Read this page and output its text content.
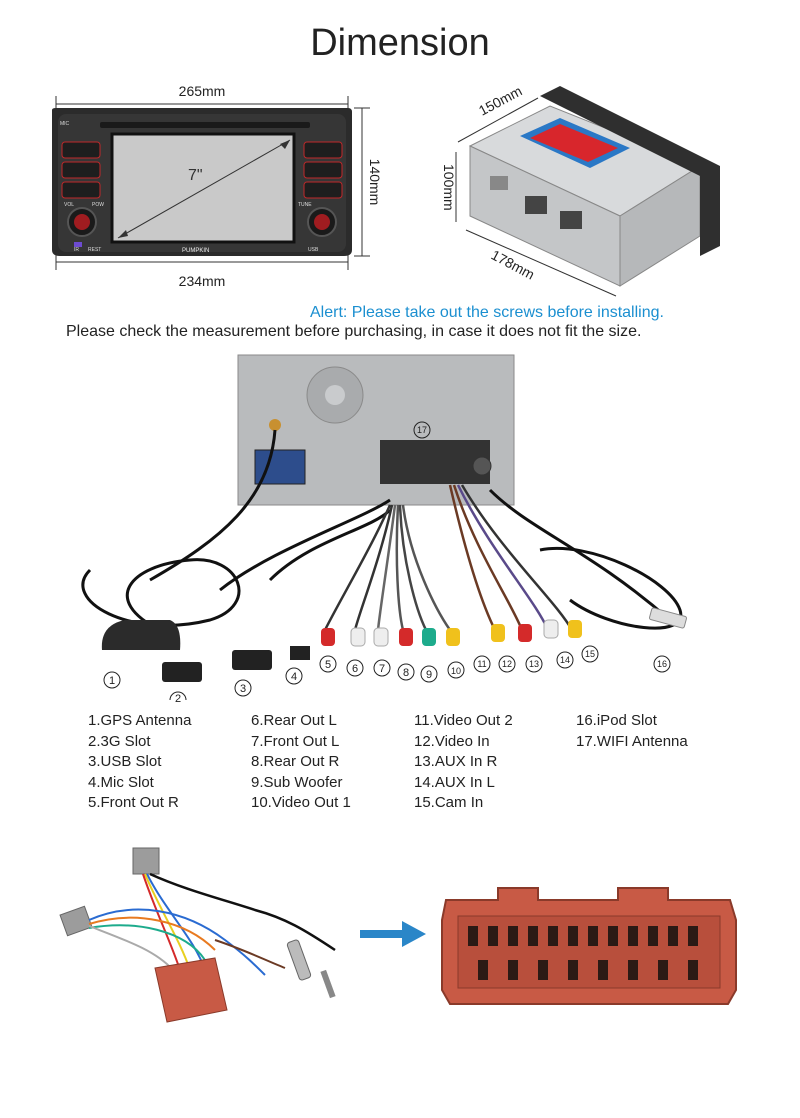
Dimension
MIC
VOL	POW	TUNE
REST
IR	USB
PUMPKIN
7"
265mm
234mm
140mm
150mm
100mm
178mm
Alert: Please take out the screws before installing.
Please check the measurement before purchasing, in case it does not fit the size.
1
3
4
5 6 7 8 9 10
11 12 13 14
15
16
17
2
1.GPS Antenna
2.3G Slot
3.USB Slot
4.Mic Slot
5.Front Out R
6.Rear Out L
7.Front Out L
8.Rear Out R
9.Sub Woofer
10.Video Out 1
11.Video Out 2
12.Video In
13.AUX In R
14.AUX In L
15.Cam In
16.iPod Slot
17.WIFI Antenna
